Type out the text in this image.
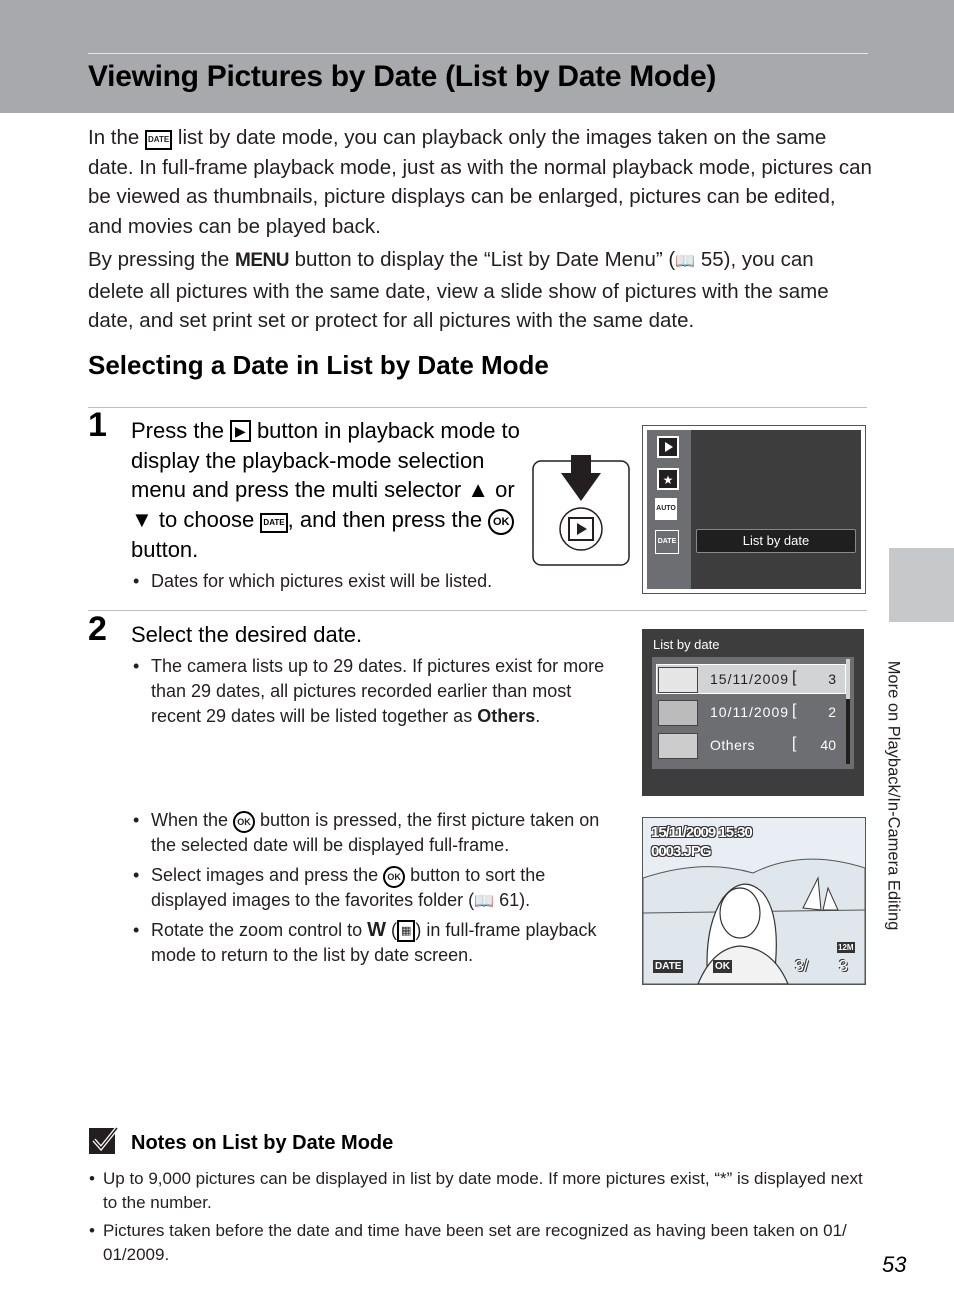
Viewing Pictures by Date (List by Date Mode)

In the DATE list by date mode, you can playback only the images taken on the same date. In full-frame playback mode, just as with the normal playback mode, pictures can be viewed as thumbnails, picture displays can be enlarged, pictures can be edited, and movies can be played back.

By pressing the MENU button to display the “List by Date Menu” (📖 55), you can delete all pictures with the same date, view a slide show of pictures with the same date, and set print set or protect for all pictures with the same date.

Selecting a Date in List by Date Mode
1 Press the ▶ button in playback mode to display the playback-mode selection menu and press the multi selector ▲ or ▼ to choose DATE , and then press the OK button.
• Dates for which pictures exist will be listed.
★
AUTO
DATE	List by date
2 Select the desired date.
• The camera lists up to 29 dates. If pictures exist for more than 29 dates, all pictures recorded earlier than most recent 29 dates will be listed together as Others.
• When the OK button is pressed, the first picture taken on the selected date will be displayed full-frame.
• Select images and press the OK button to sort the displayed images to the favorites folder (📖 61).
• Rotate the zoom control to W ( ▦ ) in full-frame playback mode to return to the list by date screen.
List by date
15/11/2009 [	3
10/11/2009 [	2
Others [	40
15/11/2009 15:30
0003.JPG
DATE	OK
12M
3/ 3
More on Playback/In-Camera Editing
Notes on List by Date Mode
• Up to 9,000 pictures can be displayed in list by date mode. If more pictures exist, “*” is displayed next to the number.
• Pictures taken before the date and time have been set are recognized as having been taken on 01/ 01/2009.	53
